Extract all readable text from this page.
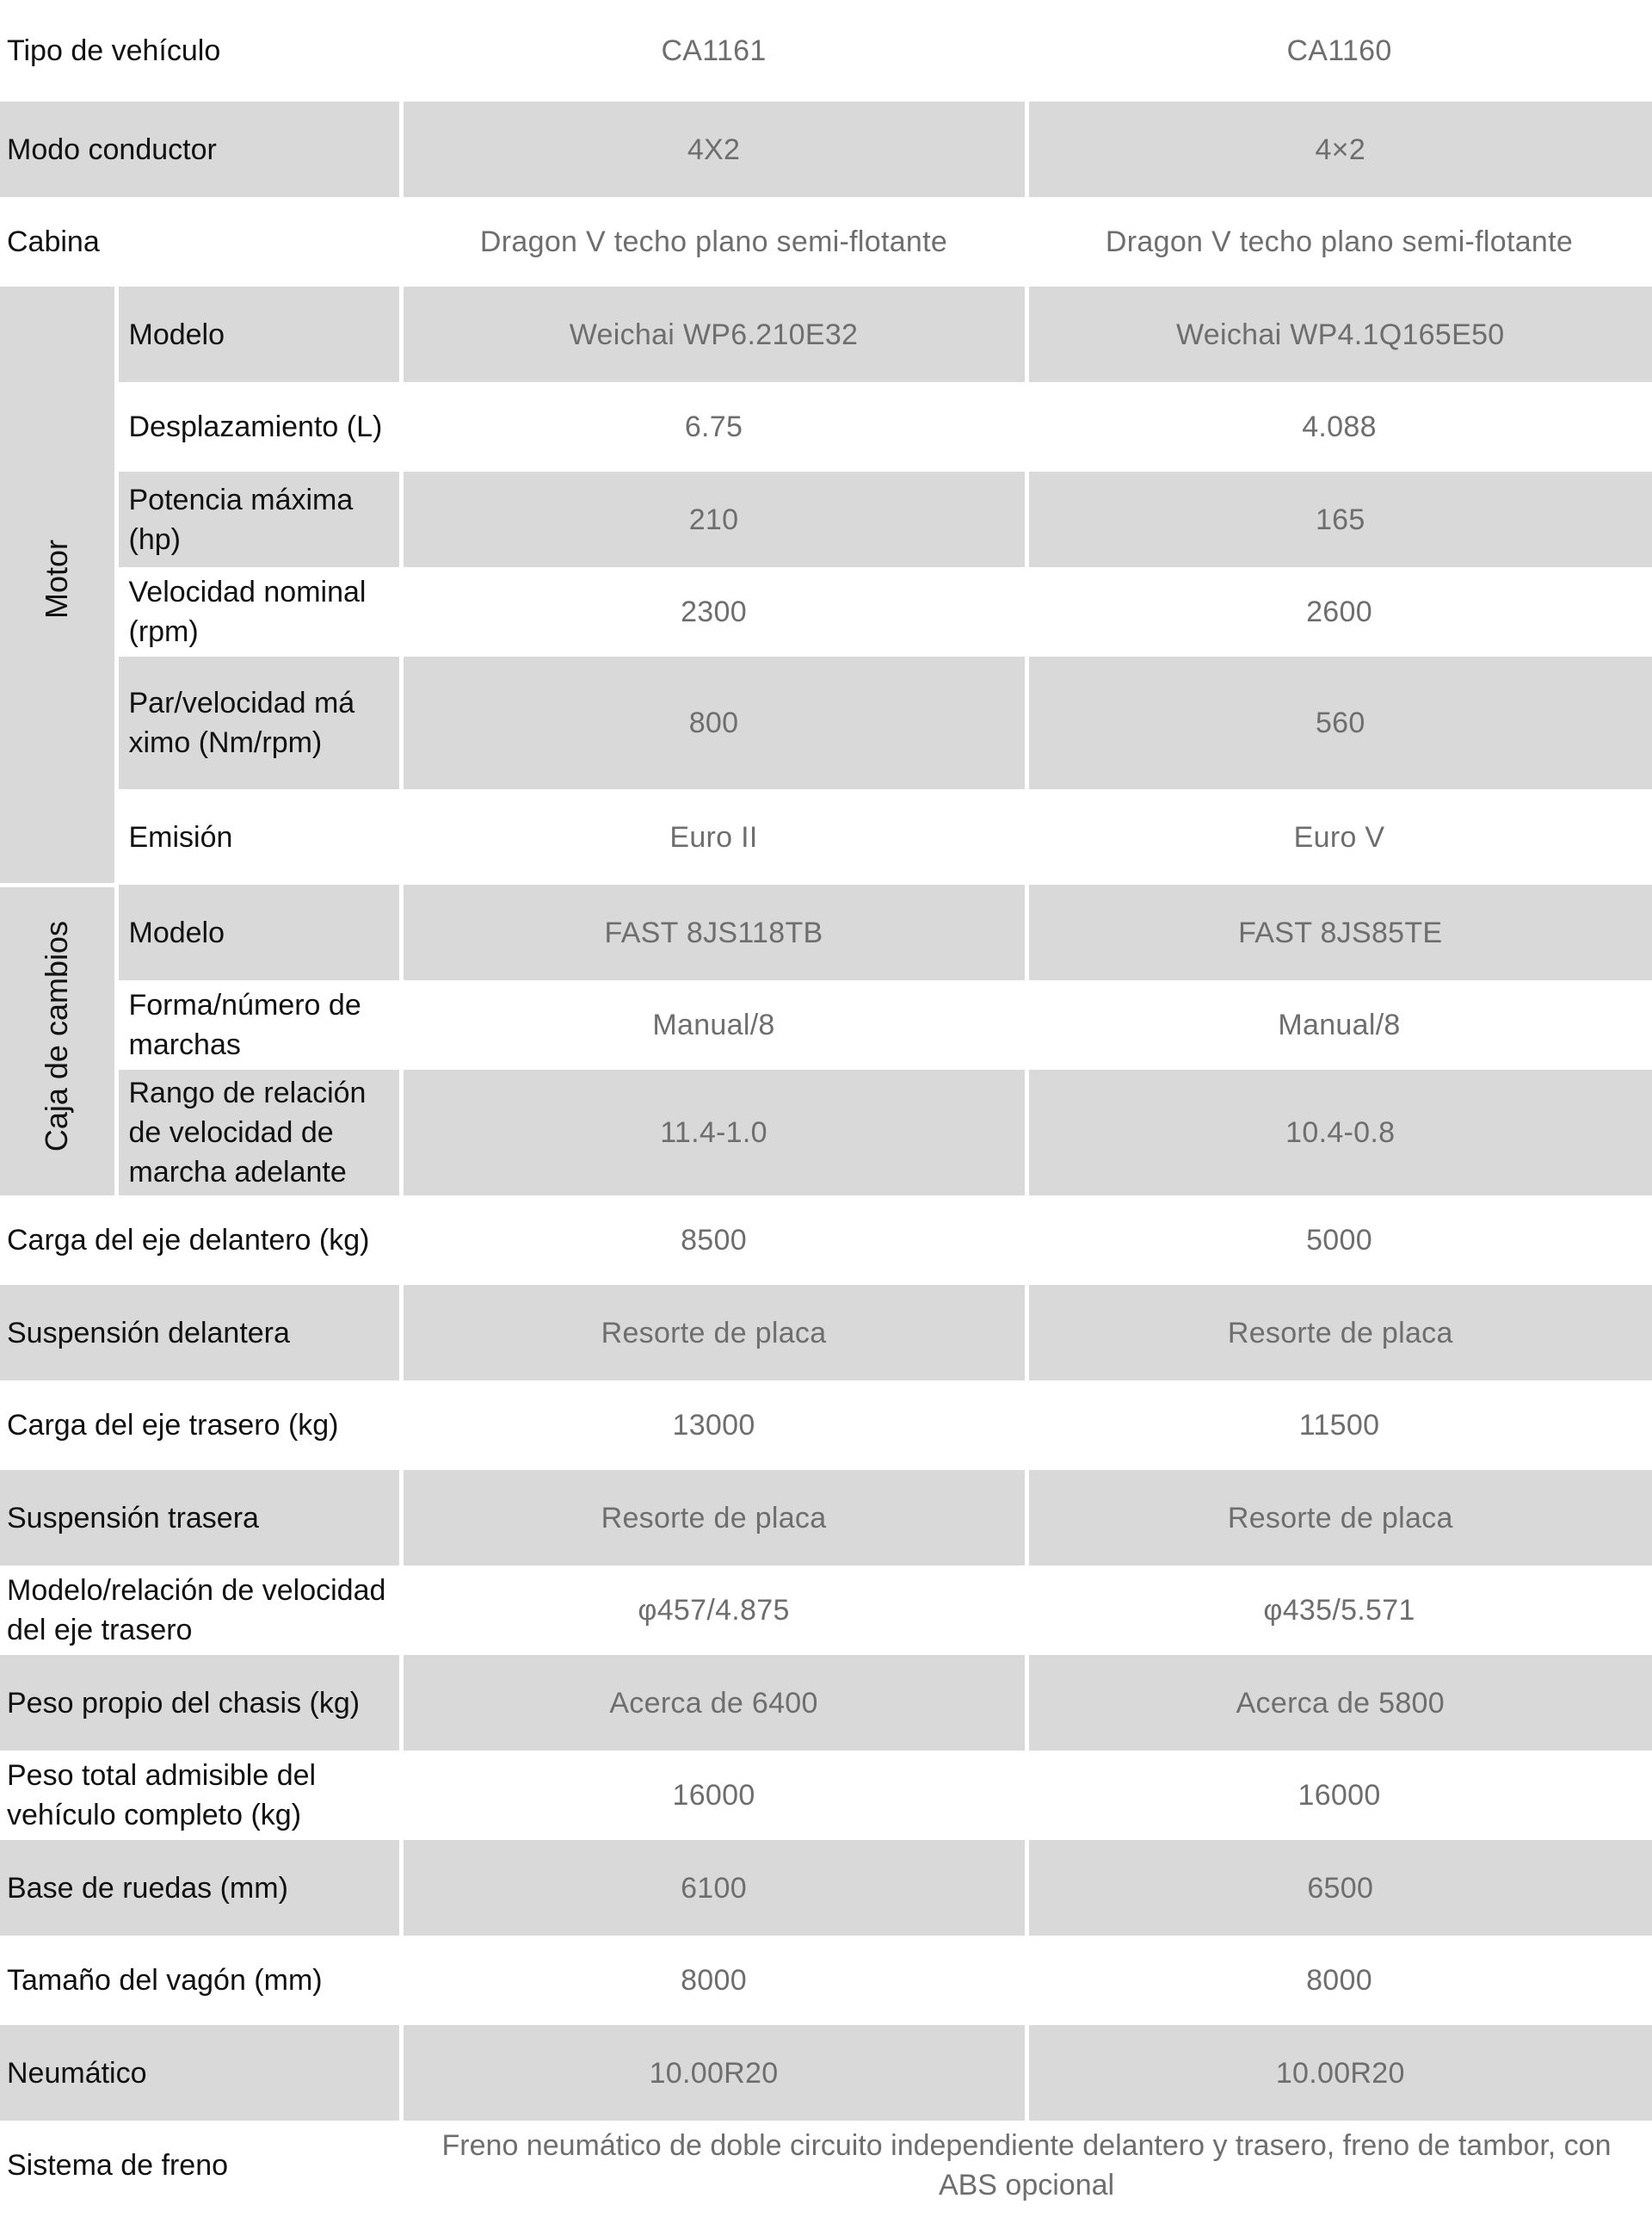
Tipo de vehículo		CA1161	CA1160
Modo conductor		4X2	4×2
Cabina		Dragon V techo plano semi-flotante	Dragon V techo plano semi-flotante
Motor	Modelo	Weichai WP6.210E32	Weichai WP4.1Q165E50
	Desplazamiento (L)	6.75	4.088
	Potencia máxima (hp)	210	165
	Velocidad nominal (rpm)	2300	2600
	Par/velocidad má ximo (Nm/rpm)	800	560
	Emisión	Euro II	Euro V
Caja de cambios	Modelo	FAST 8JS118TB	FAST 8JS85TE
	Forma/número de marchas	Manual/8	Manual/8
	Rango de relación de velocidad de marcha adelante	11.4-1.0	10.4-0.8
Carga del eje delantero (kg)		8500	5000
Suspensión delantera		Resorte de placa	Resorte de placa
Carga del eje trasero (kg)		13000	11500
Suspensión trasera		Resorte de placa	Resorte de placa
Modelo/relación de velocidad del eje trasero		φ457/4.875	φ435/5.571
Peso propio del chasis (kg)		Acerca de 6400	Acerca de 5800
Peso total admisible del vehículo completo (kg)		16000	16000
Base de ruedas (mm)		6100	6500
Tamaño del vagón (mm)		8000	8000
Neumático		10.00R20	10.00R20
Sistema de freno		Freno neumático de doble circuito independiente delantero y trasero, freno de tambor, con ABS opcional	
